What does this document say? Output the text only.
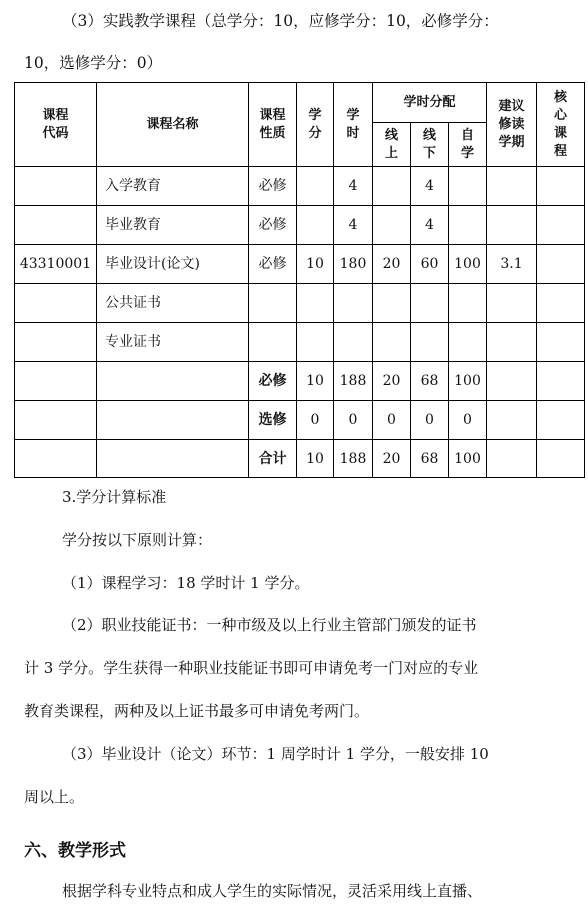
（3）实践教学课程（总学分：10，应修学分：10，必修学分：
10，选修学分：0）
课程代码	课程名称	课程性质	学分	学时	学时分配			建议修读学期	核心课程
					线上	线下	自学		
	入学教育	必修		4		4			
	毕业教育	必修		4		4			
43310001	毕业设计(论文)	必修	10	180	20	60	100	3.1	
	公共证书								
	专业证书								
		必修	10	188	20	68	100		
		选修	0	0	0	0	0		
		合计	10	188	20	68	100		
3.学分计算标准
学分按以下原则计算：
（1）课程学习：18 学时计 1 学分。
（2）职业技能证书：一种市级及以上行业主管部门颁发的证书
计 3 学分。学生获得一种职业技能证书即可申请免考一门对应的专业
教育类课程，两种及以上证书最多可申请免考两门。
（3）毕业设计（论文）环节：1 周学时计 1 学分，一般安排 10
周以上。
六、教学形式
根据学科专业特点和成人学生的实际情况，灵活采用线上直播、
